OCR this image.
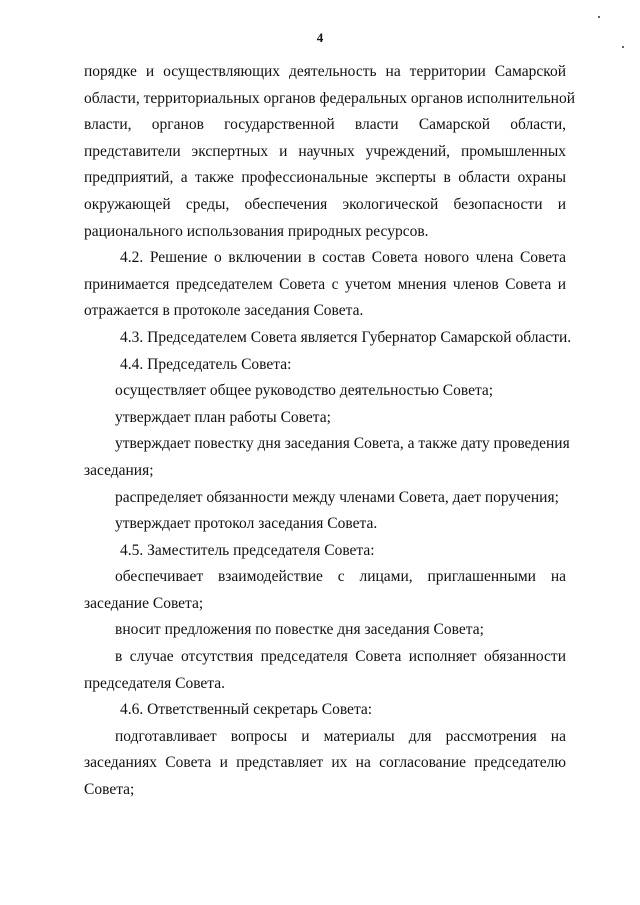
4
порядке и осуществляющих деятельность на территории Самарской
области, территориальных органов федеральных органов исполнительной
власти, органов государственной власти Самарской области,
представители экспертных и научных учреждений, промышленных
предприятий, а также профессиональные эксперты в области охраны
окружающей среды, обеспечения экологической безопасности и
рационального использования природных ресурсов.
4.2. Решение о включении в состав Совета нового члена Совета
принимается председателем Совета с учетом мнения членов Совета и
отражается в протоколе заседания Совета.
4.3. Председателем Совета является Губернатор Самарской области.
4.4. Председатель Совета:
осуществляет общее руководство деятельностью Совета;
утверждает план работы Совета;
утверждает повестку дня заседания Совета, а также дату проведения
заседания;
распределяет обязанности между членами Совета, дает поручения;
утверждает протокол заседания Совета.
4.5. Заместитель председателя Совета:
обеспечивает взаимодействие с лицами, приглашенными на
заседание Совета;
вносит предложения по повестке дня заседания Совета;
в случае отсутствия председателя Совета исполняет обязанности
председателя Совета.
4.6. Ответственный секретарь Совета:
подготавливает вопросы и материалы для рассмотрения на
заседаниях Совета и представляет их на согласование председателю
Совета;
